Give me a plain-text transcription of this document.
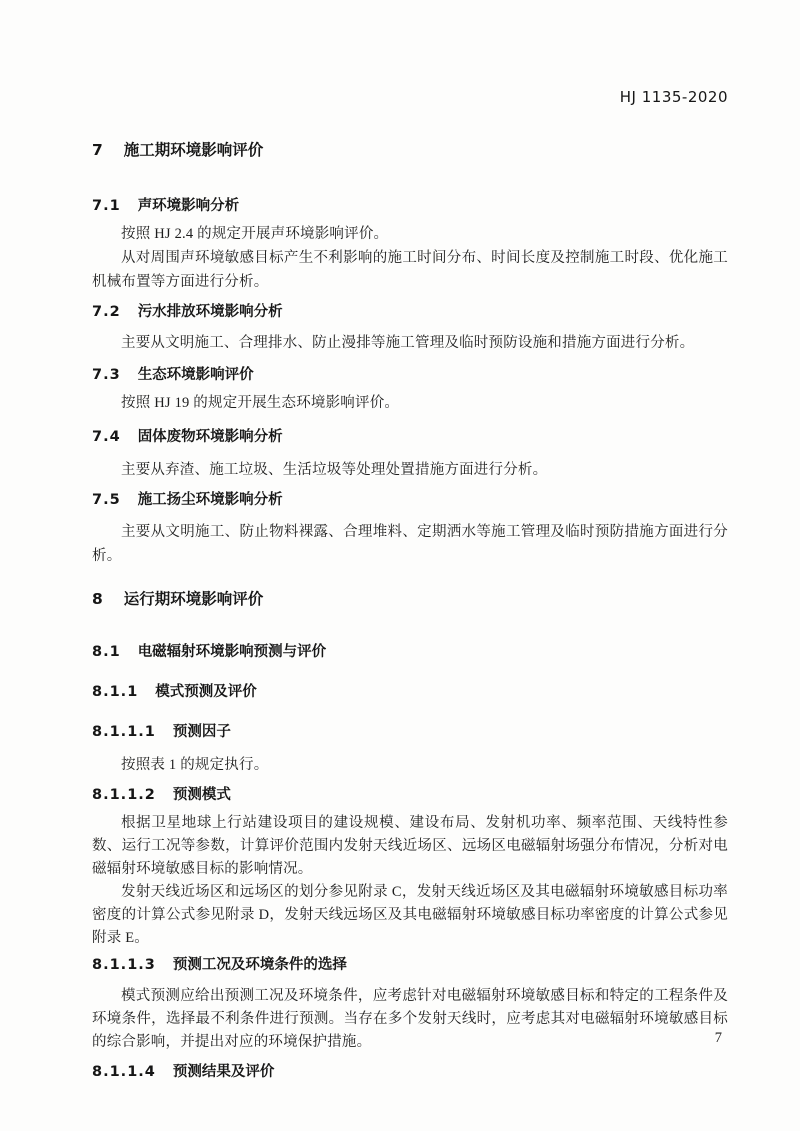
HJ 1135-2020
7 施工期环境影响评价
7.1 声环境影响分析

按照 HJ 2.4 的规定开展声环境影响评价。

从对周围声环境敏感目标产生不利影响的施工时间分布、时间长度及控制施工时段、优化施工机械布置等方面进行分析。

7.2 污水排放环境影响分析

主要从文明施工、合理排水、防止漫排等施工管理及临时预防设施和措施方面进行分析。

7.3 生态环境影响评价

按照 HJ 19 的规定开展生态环境影响评价。

7.4 固体废物环境影响分析

主要从弃渣、施工垃圾、生活垃圾等处理处置措施方面进行分析。

7.5 施工扬尘环境影响分析

主要从文明施工、防止物料裸露、合理堆料、定期洒水等施工管理及临时预防措施方面进行分析。

8 运行期环境影响评价
8.1 电磁辐射环境影响预测与评价
8.1.1 模式预测及评价
8.1.1.1 预测因子

按照表 1 的规定执行。

8.1.1.2 预测模式

根据卫星地球上行站建设项目的建设规模、建设布局、发射机功率、频率范围、天线特性参数、运行工况等参数，计算评价范围内发射天线近场区、远场区电磁辐射场强分布情况，分析对电磁辐射环境敏感目标的影响情况。

发射天线近场区和远场区的划分参见附录 C，发射天线近场区及其电磁辐射环境敏感目标功率密度的计算公式参见附录 D，发射天线远场区及其电磁辐射环境敏感目标功率密度的计算公式参见附录 E。

8.1.1.3 预测工况及环境条件的选择

模式预测应给出预测工况及环境条件，应考虑针对电磁辐射环境敏感目标和特定的工程条件及环境条件，选择最不利条件进行预测。当存在多个发射天线时，应考虑其对电磁辐射环境敏感目标的综合影响，并提出对应的环境保护措施。

8.1.1.4 预测结果及评价
7
